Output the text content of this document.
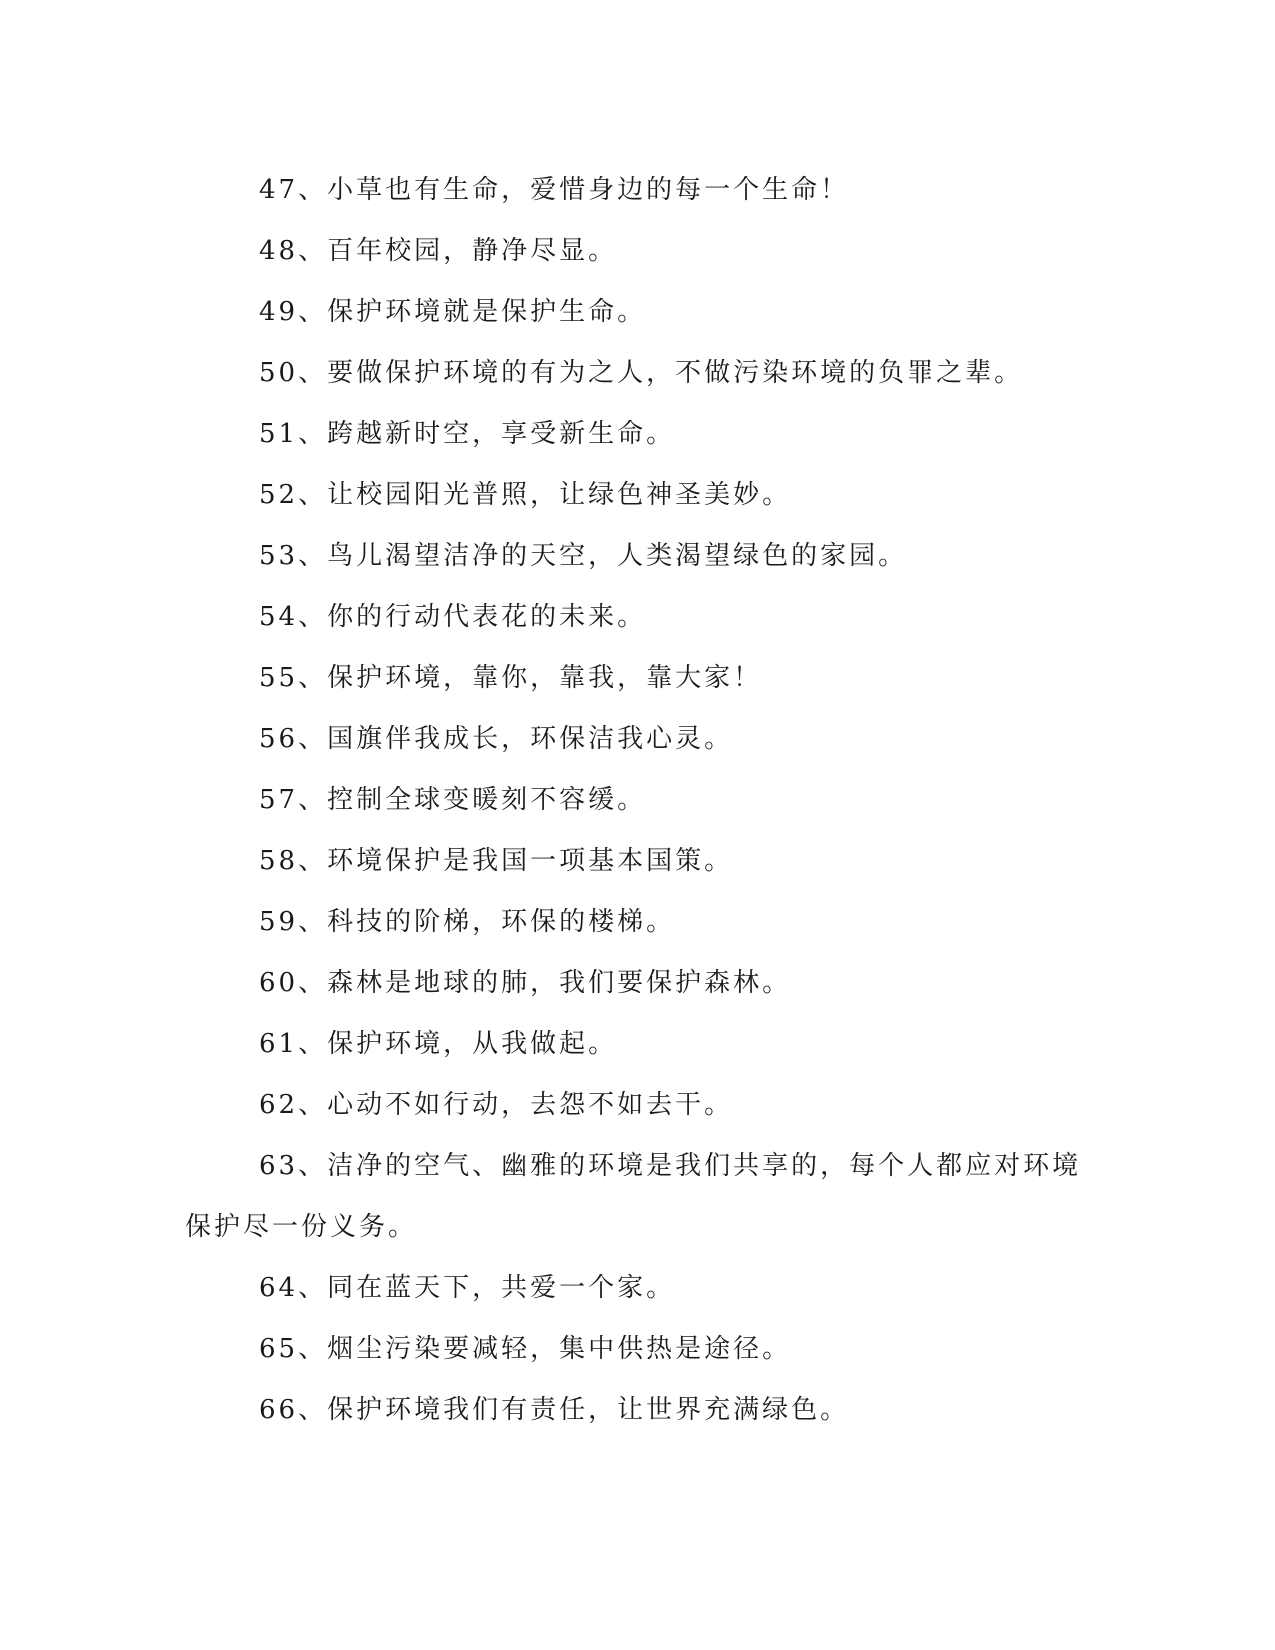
47、小草也有生命，爱惜身边的每一个生命！

48、百年校园，静净尽显。

49、保护环境就是保护生命。

50、要做保护环境的有为之人，不做污染环境的负罪之辈。

51、跨越新时空，享受新生命。

52、让校园阳光普照，让绿色神圣美妙。

53、鸟儿渴望洁净的天空，人类渴望绿色的家园。

54、你的行动代表花的未来。

55、保护环境，靠你，靠我，靠大家！

56、国旗伴我成长，环保洁我心灵。

57、控制全球变暖刻不容缓。

58、环境保护是我国一项基本国策。

59、科技的阶梯，环保的楼梯。

60、森林是地球的肺，我们要保护森林。

61、保护环境，从我做起。

62、心动不如行动，去怨不如去干。

63、洁净的空气、幽雅的环境是我们共享的，每个人都应对环境保护尽一份义务。

64、同在蓝天下，共爱一个家。

65、烟尘污染要减轻，集中供热是途径。

66、保护环境我们有责任，让世界充满绿色。
